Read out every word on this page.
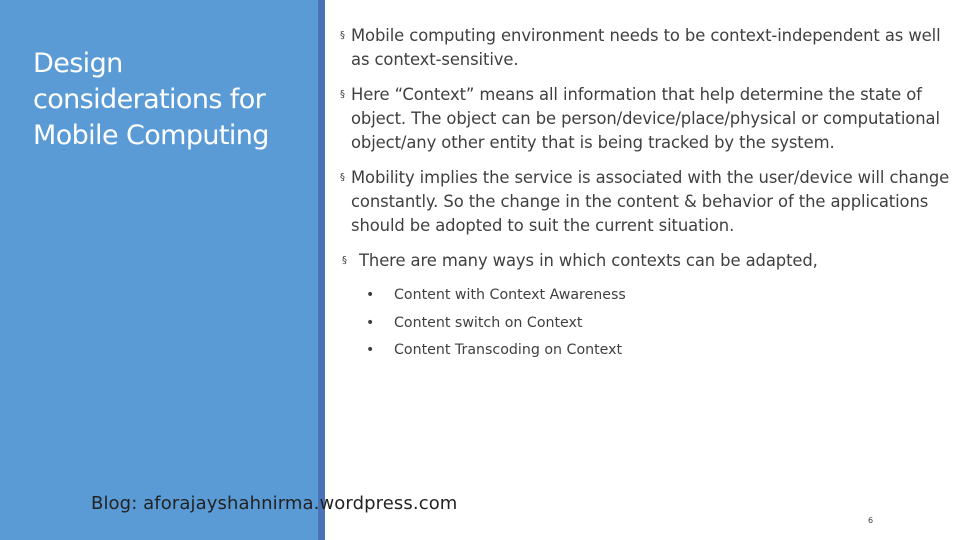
Design considerations for Mobile Computing

§ Mobile computing environment needs to be context-independent as well as context-sensitive.

§ Here “Context” means all information that help determine the state of object. The object can be person/device/place/physical or computational object/any other entity that is being tracked by the system.

§ Mobility implies the service is associated with the user/device will change constantly. So the change in the content & behavior of the applications should be adopted to suit the current situation.

§ There are many ways in which contexts can be adapted,

• Content with Context Awareness
• Content switch on Context
• Content Transcoding on Context
Blog: aforajayshahnirma.wordpress.com
6
